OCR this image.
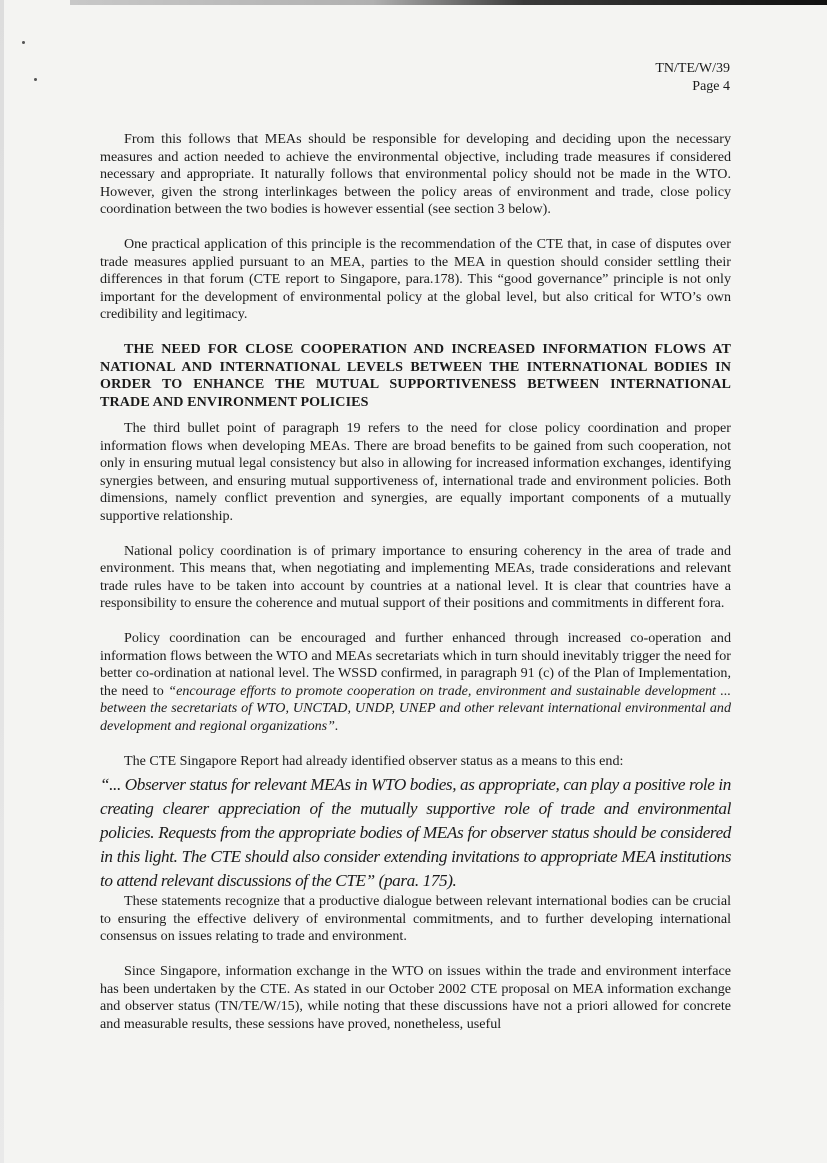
TN/TE/W/39
Page 4

From this follows that MEAs should be responsible for developing and deciding upon the necessary measures and action needed to achieve the environmental objective, including trade measures if considered necessary and appropriate. It naturally follows that environmental policy should not be made in the WTO. However, given the strong interlinkages between the policy areas of environment and trade, close policy coordination between the two bodies is however essential (see section 3 below).

One practical application of this principle is the recommendation of the CTE that, in case of disputes over trade measures applied pursuant to an MEA, parties to the MEA in question should consider settling their differences in that forum (CTE report to Singapore, para.178). This “good governance” principle is not only important for the development of environmental policy at the global level, but also critical for WTO’s own credibility and legitimacy.

THE NEED FOR CLOSE COOPERATION AND INCREASED INFORMATION FLOWS AT NATIONAL AND INTERNATIONAL LEVELS BETWEEN THE INTERNATIONAL BODIES IN ORDER TO ENHANCE THE MUTUAL SUPPORTIVENESS BETWEEN INTERNATIONAL TRADE AND ENVIRONMENT POLICIES

The third bullet point of paragraph 19 refers to the need for close policy coordination and proper information flows when developing MEAs. There are broad benefits to be gained from such cooperation, not only in ensuring mutual legal consistency but also in allowing for increased information exchanges, identifying synergies between, and ensuring mutual supportiveness of, international trade and environment policies. Both dimensions, namely conflict prevention and synergies, are equally important components of a mutually supportive relationship.

National policy coordination is of primary importance to ensuring coherency in the area of trade and environment. This means that, when negotiating and implementing MEAs, trade considerations and relevant trade rules have to be taken into account by countries at a national level. It is clear that countries have a responsibility to ensure the coherence and mutual support of their positions and commitments in different fora.

Policy coordination can be encouraged and further enhanced through increased co-operation and information flows between the WTO and MEAs secretariats which in turn should inevitably trigger the need for better co-ordination at national level. The WSSD confirmed, in paragraph 91 (c) of the Plan of Implementation, the need to “encourage efforts to promote cooperation on trade, environment and sustainable development ... between the secretariats of WTO, UNCTAD, UNDP, UNEP and other relevant international environmental and development and regional organizations”.

The CTE Singapore Report had already identified observer status as a means to this end:

“... Observer status for relevant MEAs in WTO bodies, as appropriate, can play a positive role in creating clearer appreciation of the mutually supportive role of trade and environmental policies. Requests from the appropriate bodies of MEAs for observer status should be considered in this light. The CTE should also consider extending invitations to appropriate MEA institutions to attend relevant discussions of the CTE” (para. 175).

These statements recognize that a productive dialogue between relevant international bodies can be crucial to ensuring the effective delivery of environmental commitments, and to further developing international consensus on issues relating to trade and environment.

Since Singapore, information exchange in the WTO on issues within the trade and environment interface has been undertaken by the CTE. As stated in our October 2002 CTE proposal on MEA information exchange and observer status (TN/TE/W/15), while noting that these discussions have not a priori allowed for concrete and measurable results, these sessions have proved, nonetheless, useful
